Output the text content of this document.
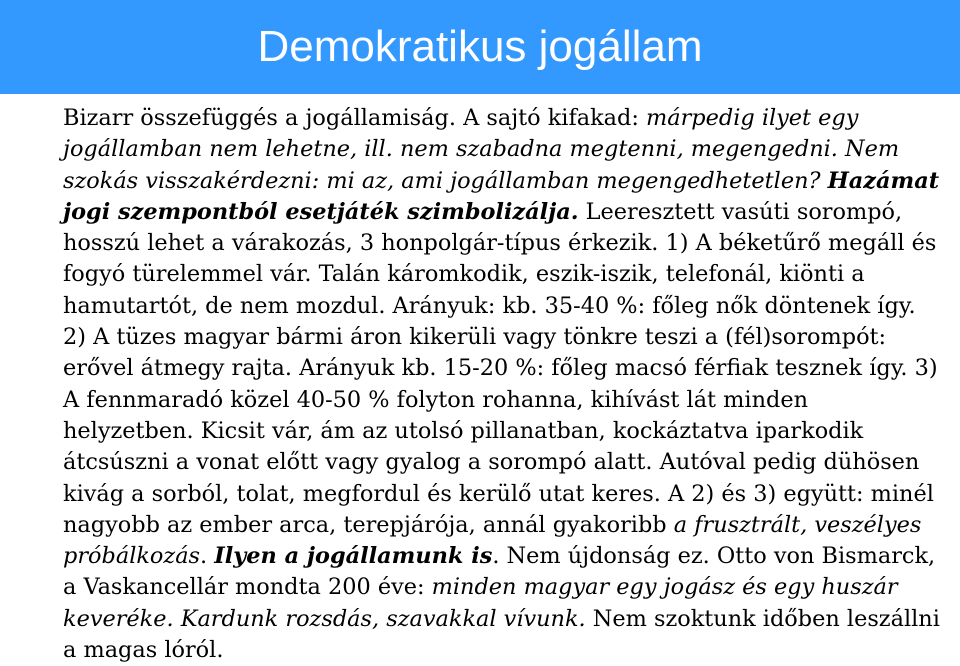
Demokratikus jogállam

Bizarr összefüggés a jogállamiság. A sajtó kifakad: márpedig ilyet egy jogállamban nem lehetne, ill. nem szabadna megtenni, megengedni. Nem szokás visszakérdezni: mi az, ami jogállamban megengedhetetlen? Hazámat jogi szempontból esetjáték szimbolizálja. Leeresztett vasúti sorompó, hosszú lehet a várakozás, 3 honpolgár-típus érkezik. 1) A béketűrő megáll és fogyó türelemmel vár. Talán káromkodik, eszik-iszik, telefonál, kiönti a hamutartót, de nem mozdul. Arányuk: kb. 35-40 %: főleg nők döntenek így. 2) A tüzes magyar bármi áron kikerüli vagy tönkre teszi a (fél)sorompót: erővel átmegy rajta. Arányuk kb. 15-20 %: főleg macsó férfiak tesznek így. 3) A fennmaradó közel 40-50 % folyton rohanna, kihívást lát minden helyzetben. Kicsit vár, ám az utolsó pillanatban, kockáztatva iparkodik átcsúszni a vonat előtt vagy gyalog a sorompó alatt. Autóval pedig dühösen kivág a sorból, tolat, megfordul és kerülő utat keres. A 2) és 3) együtt: minél nagyobb az ember arca, terepjárója, annál gyakoribb a frusztrált, veszélyes próbálkozás. Ilyen a jogállamunk is. Nem újdonság ez. Otto von Bismarck, a Vaskancellár mondta 200 éve: minden magyar egy jogász és egy huszár keveréke. Kardunk rozsdás, szavakkal vívunk. Nem szoktunk időben leszállni a magas lóról.
